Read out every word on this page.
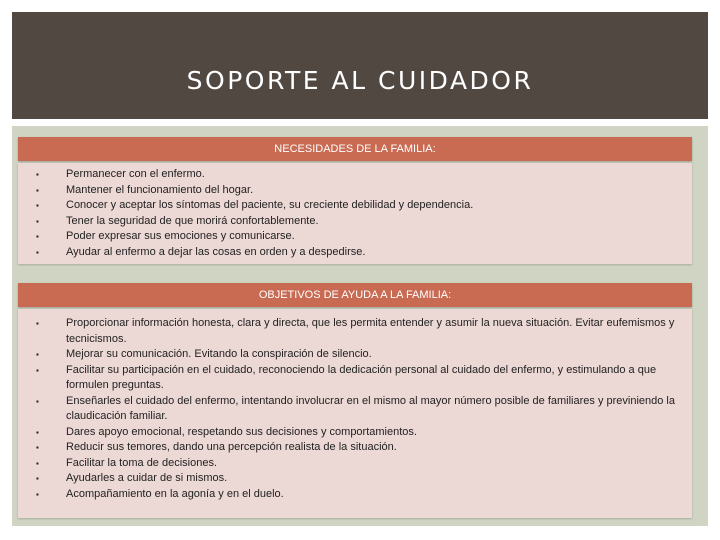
SOPORTE AL CUIDADOR
NECESIDADES DE LA FAMILIA:
▪ Permanecer con el enfermo.
▪ Mantener el funcionamiento del hogar.
▪ Conocer y aceptar los síntomas del paciente, su creciente debilidad y dependencia.
▪ Tener la seguridad de que morirá confortablemente.
▪ Poder expresar sus emociones y comunicarse.
▪ Ayudar al enfermo a dejar las cosas en orden y a despedirse.
OBJETIVOS DE AYUDA A LA FAMILIA:
▪ Proporcionar información honesta, clara y directa, que les permita entender y asumir la nueva situación. Evitar eufemismos y tecnicismos.
▪ Mejorar su comunicación. Evitando la conspiración de silencio.
▪ Facilitar su participación en el cuidado, reconociendo la dedicación personal al cuidado del enfermo, y estimulando a que formulen preguntas.
▪ Enseñarles el cuidado del enfermo, intentando involucrar en el mismo al mayor número posible de familiares y previniendo la claudicación familiar.
▪ Dares apoyo emocional, respetando sus decisiones y comportamientos.
▪ Reducir sus temores, dando una percepción realista de la situación.
▪ Facilitar la toma de decisiones.
▪ Ayudarles a cuidar de si mismos.
▪ Acompañamiento en la agonía y en el duelo.
